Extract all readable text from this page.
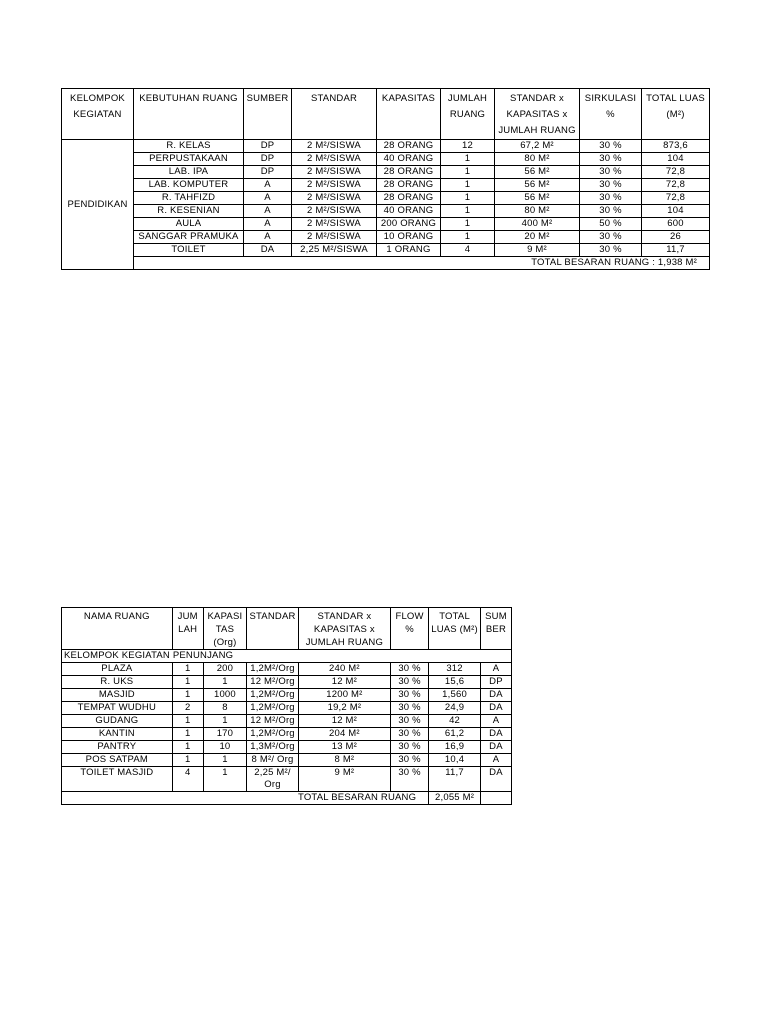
KELOMPOK KEGIATAN	KEBUTUHAN RUANG	SUMBER	STANDAR	KAPASITAS	JUMLAH RUANG	STANDAR x KAPASITAS x JUMLAH RUANG	SIRKULASI %	TOTAL LUAS (M²)
PENDIDIKAN	R. KELAS	DP	2 M²/SISWA	28 ORANG	12	67,2 M²	30 %	873,6
	PERPUSTAKAAN	DP	2 M²/SISWA	40 ORANG	1	80 M²	30 %	104
	LAB. IPA	DP	2 M²/SISWA	28 ORANG	1	56 M²	30 %	72,8
	LAB. KOMPUTER	A	2 M²/SISWA	28 ORANG	1	56 M²	30 %	72,8
	R. TAHFIZD	A	2 M²/SISWA	28 ORANG	1	56 M²	30 %	72,8
	R. KESENIAN	A	2 M²/SISWA	40 ORANG	1	80 M²	30 %	104
	AULA	A	2 M²/SISWA	200 ORANG	1	400 M²	50 %	600
	SANGGAR PRAMUKA	A	2 M²/SISWA	10 ORANG	1	20 M²	30 %	26
	TOILET	DA	2,25 M²/SISWA	1 ORANG	4	9 M²	30 %	11,7
	TOTAL BESARAN RUANG : 1,938 M²							
NAMA RUANG	JUM LAH	KAPASI TAS (Org)	STANDAR	STANDAR x KAPASITAS x JUMLAH RUANG	FLOW %	TOTAL LUAS (M²)	SUM BER
KELOMPOK KEGIATAN PENUNJANG							
PLAZA	1	200	1,2M²/Org	240 M²	30 %	312	A
R. UKS	1	1	12 M²/Org	12 M²	30 %	15,6	DP
MASJID	1	1000	1,2M²/Org	1200 M²	30 %	1,560	DA
TEMPAT WUDHU	2	8	1,2M²/Org	19,2 M²	30 %	24,9	DA
GUDANG	1	1	12 M²/Org	12 M²	30 %	42	A
KANTIN	1	170	1,2M²/Org	204 M²	30 %	61,2	DA
PANTRY	1	10	1,3M²/Org	13 M²	30 %	16,9	DA
POS SATPAM	1	1	8 M²/ Org	8 M²	30 %	10,4	A
TOILET MASJID	4	1	2,25 M²/ Org	9 M²	30 %	11,7	DA
TOTAL BESARAN RUANG						2,055 M²	
